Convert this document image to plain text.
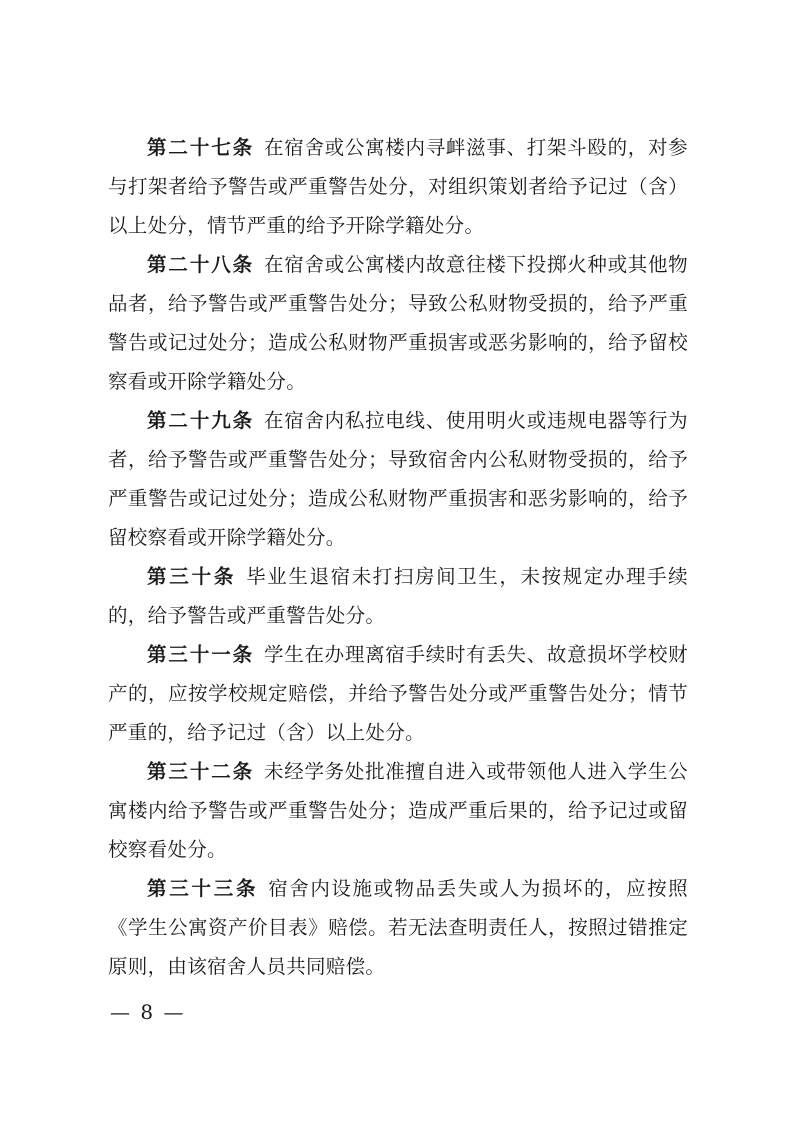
第二十七条 在宿舍或公寓楼内寻衅滋事、打架斗殴的，对参与打架者给予警告或严重警告处分，对组织策划者给予记过（含）以上处分，情节严重的给予开除学籍处分。

第二十八条 在宿舍或公寓楼内故意往楼下投掷火种或其他物品者，给予警告或严重警告处分；导致公私财物受损的，给予严重警告或记过处分；造成公私财物严重损害或恶劣影响的，给予留校察看或开除学籍处分。

第二十九条 在宿舍内私拉电线、使用明火或违规电器等行为者，给予警告或严重警告处分；导致宿舍内公私财物受损的，给予严重警告或记过处分；造成公私财物严重损害和恶劣影响的，给予留校察看或开除学籍处分。

第三十条 毕业生退宿未打扫房间卫生，未按规定办理手续的，给予警告或严重警告处分。

第三十一条 学生在办理离宿手续时有丢失、故意损坏学校财产的，应按学校规定赔偿，并给予警告处分或严重警告处分；情节严重的，给予记过（含）以上处分。

第三十二条 未经学务处批准擅自进入或带领他人进入学生公寓楼内给予警告或严重警告处分；造成严重后果的，给予记过或留校察看处分。

第三十三条 宿舍内设施或物品丢失或人为损坏的，应按照《学生公寓资产价目表》赔偿。若无法查明责任人，按照过错推定原则，由该宿舍人员共同赔偿。

— 8 —
